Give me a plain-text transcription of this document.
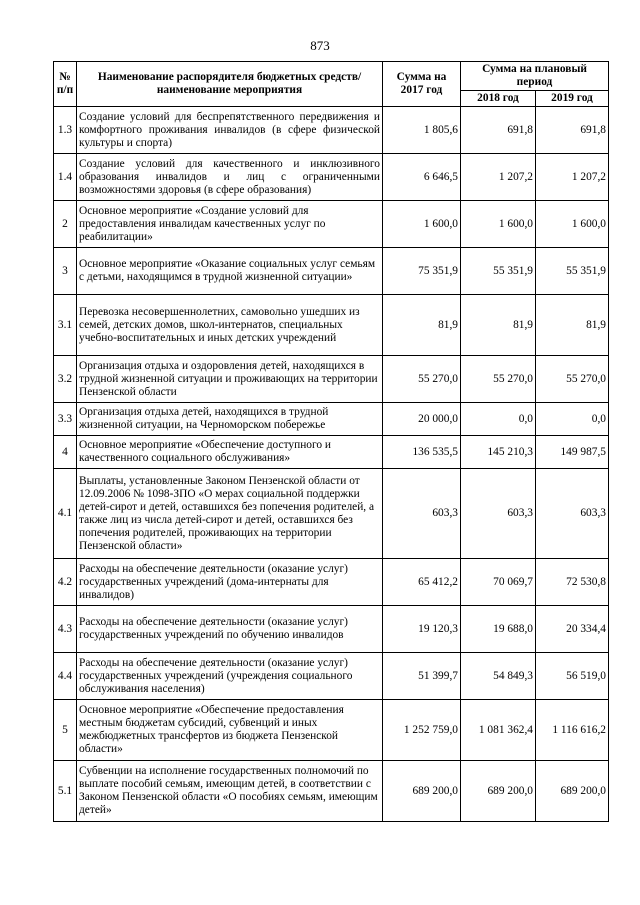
873
№ п/п	Наименование распорядителя бюджетных средств/ наименование мероприятия	Сумма на 2017 год	Сумма на плановый период	
			2018 год	2019 год
1.3	Создание условий для беспрепятственного передвижения и комфортного проживания инвалидов (в сфере физической культуры и спорта)	1 805,6	691,8	691,8
1.4	Создание условий для качественного и инклюзивного образования инвалидов и лиц с ограниченными возможностями здоровья (в сфере образования)	6 646,5	1 207,2	1 207,2
2	Основное мероприятие «Создание условий для предоставления инвалидам качественных услуг по реабилитации»	1 600,0	1 600,0	1 600,0
3	Основное мероприятие «Оказание социальных услуг семьям с детьми, находящимся в трудной жизненной ситуации»	75 351,9	55 351,9	55 351,9
3.1	Перевозка несовершеннолетних, самовольно ушедших из семей, детских домов, школ-интернатов, специальных учебно-воспитательных и иных детских учреждений	81,9	81,9	81,9
3.2	Организация отдыха и оздоровления детей, находящихся в трудной жизненной ситуации и проживающих на территории Пензенской области	55 270,0	55 270,0	55 270,0
3.3	Организация отдыха детей, находящихся в трудной жизненной ситуации, на Черноморском побережье	20 000,0	0,0	0,0
4	Основное мероприятие «Обеспечение доступного и качественного социального обслуживания»	136 535,5	145 210,3	149 987,5
4.1	Выплаты, установленные Законом Пензенской области от 12.09.2006 № 1098-ЗПО «О мерах социальной поддержки детей-сирот и детей, оставшихся без попечения родителей, а также лиц из числа детей-сирот и детей, оставшихся без попечения родителей, проживающих на территории Пензенской области»	603,3	603,3	603,3
4.2	Расходы на обеспечение деятельности (оказание услуг) государственных учреждений (дома-интернаты для инвалидов)	65 412,2	70 069,7	72 530,8
4.3	Расходы на обеспечение деятельности (оказание услуг) государственных учреждений по обучению инвалидов	19 120,3	19 688,0	20 334,4
4.4	Расходы на обеспечение деятельности (оказание услуг) государственных учреждений (учреждения социального обслуживания населения)	51 399,7	54 849,3	56 519,0
5	Основное мероприятие «Обеспечение предоставления местным бюджетам субсидий, субвенций и иных межбюджетных трансфертов из бюджета Пензенской области»	1 252 759,0	1 081 362,4	1 116 616,2
5.1	Субвенции на исполнение государственных полномочий по выплате пособий семьям, имеющим детей, в соответствии с Законом Пензенской области «О пособиях семьям, имеющим детей»	689 200,0	689 200,0	689 200,0
